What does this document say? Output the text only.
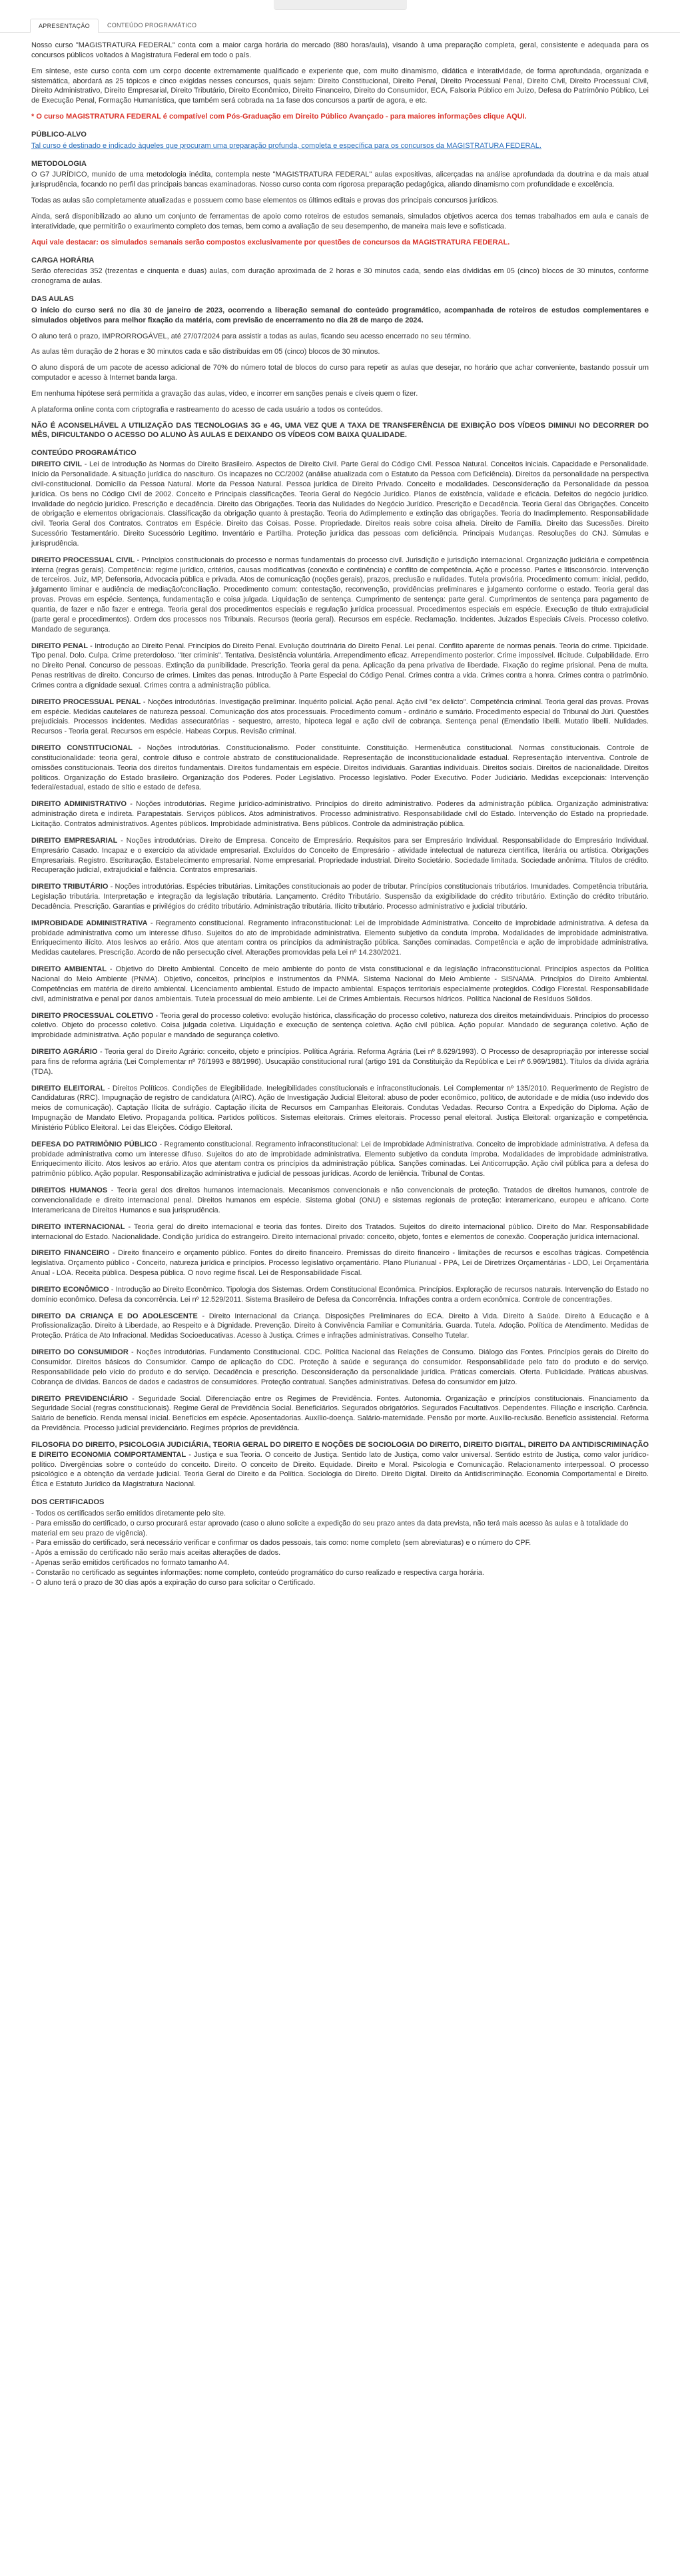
APRESENTAÇÃO	CONTEÚDO PROGRAMÁTICO

Nosso curso "MAGISTRATURA FEDERAL" conta com a maior carga horária do mercado (880 horas/aula), visando à uma preparação completa, geral, consistente e adequada para os concursos públicos voltados à Magistratura Federal em todo o país.

Em síntese, este curso conta com um corpo docente extremamente qualificado e experiente que, com muito dinamismo, didática e interatividade, de forma aprofundada, organizada e sistemática, abordará as 25 tópicos e cinco exigidas nesses concursos, quais sejam: Direito Constitucional, Direito Penal, Direito Processual Penal, Direito Civil, Direito Processual Civil, Direito Administrativo, Direito Empresarial, Direito Tributário, Direito Econômico, Direito Financeiro, Direito do Consumidor, ECA, Falsoria Público em Juízo, Defesa do Patrimônio Público, Lei de Execução Penal, Formação Humanística, que também será cobrada na 1a fase dos concursos a partir de agora, e etc.

* O curso MAGISTRATURA FEDERAL é compatível com Pós-Graduação em Direito Público Avançado - para maiores informações clique AQUI.

PÚBLICO-ALVO

Tal curso é destinado e indicado àqueles que procuram uma preparação profunda, completa e específica para os concursos da MAGISTRATURA FEDERAL.

METODOLOGIA

O G7 JURÍDICO, munido de uma metodologia inédita, contempla neste "MAGISTRATURA FEDERAL" aulas expositivas, alicerçadas na análise aprofundada da doutrina e da mais atual jurisprudência, focando no perfil das principais bancas examinadoras. Nosso curso conta com rigorosa preparação pedagógica, aliando dinamismo com profundidade e excelência.

Todas as aulas são completamente atualizadas e possuem como base elementos os últimos editais e provas dos principais concursos jurídicos.

Ainda, será disponibilizado ao aluno um conjunto de ferramentas de apoio como roteiros de estudos semanais, simulados objetivos acerca dos temas trabalhados em aula e canais de interatividade, que permitirão o exaurimento completo dos temas, bem como a avaliação de seu desempenho, de maneira mais leve e sofisticada.

Aqui vale destacar: os simulados semanais serão compostos exclusivamente por questões de concursos da MAGISTRATURA FEDERAL.

CARGA HORÁRIA

Serão oferecidas 352 (trezentas e cinquenta e duas) aulas, com duração aproximada de 2 horas e 30 minutos cada, sendo elas divididas em 05 (cinco) blocos de 30 minutos, conforme cronograma de aulas.

DAS AULAS

O início do curso será no dia 30 de janeiro de 2023, ocorrendo a liberação semanal do conteúdo programático, acompanhada de roteiros de estudos complementares e simulados objetivos para melhor fixação da matéria, com previsão de encerramento no dia 28 de março de 2024.

O aluno terá o prazo, IMPRORROGÁVEL, até 27/07/2024 para assistir a todas as aulas, ficando seu acesso encerrado no seu término.

As aulas têm duração de 2 horas e 30 minutos cada e são distribuídas em 05 (cinco) blocos de 30 minutos.

O aluno disporá de um pacote de acesso adicional de 70% do número total de blocos do curso para repetir as aulas que desejar, no horário que achar conveniente, bastando possuir um computador e acesso à Internet banda larga.

Em nenhuma hipótese será permitida a gravação das aulas, vídeo, e incorrer em sanções penais e cíveis quem o fizer.

A plataforma online conta com criptografia e rastreamento do acesso de cada usuário a todos os conteúdos.

NÃO É ACONSELHÁVEL A UTILIZAÇÃO DAS TECNOLOGIAS 3G e 4G, UMA VEZ QUE A TAXA DE TRANSFERÊNCIA DE EXIBIÇÃO DOS VÍDEOS DIMINUI NO DECORRER DO MÊS, DIFICULTANDO O ACESSO DO ALUNO ÀS AULAS E DEIXANDO OS VÍDEOS COM BAIXA QUALIDADE.

CONTEÚDO PROGRAMÁTICO

DIREITO CIVIL - Lei de Introdução às Normas do Direito Brasileiro. Aspectos de Direito Civil. Parte Geral do Código Civil. Pessoa Natural. Conceitos iniciais. Capacidade e Personalidade. Início da Personalidade. A situação jurídica do nascituro. Os incapazes no CC/2002 (análise atualizada com o Estatuto da Pessoa com Deficiência). Direitos da personalidade na perspectiva civil-constitucional. Domicílio da Pessoa Natural. Morte da Pessoa Natural. Pessoa jurídica de Direito Privado. Conceito e modalidades. Desconsideração da Personalidade da pessoa jurídica. Os bens no Código Civil de 2002. Conceito e Principais classificações. Teoria Geral do Negócio Jurídico. Planos de existência, validade e eficácia. Defeitos do negócio jurídico. Invalidade do negócio jurídico. Prescrição e decadência. Direito das Obrigações. Teoria das Nulidades do Negócio Jurídico. Prescrição e Decadência. Teoria Geral das Obrigações. Conceito de obrigação e elementos obrigacionais. Classificação da obrigação quanto à prestação. Teoria do Adimplemento e extinção das obrigações. Teoria do Inadimplemento. Responsabilidade civil. Teoria Geral dos Contratos. Contratos em Espécie. Direito das Coisas. Posse. Propriedade. Direitos reais sobre coisa alheia. Direito de Família. Direito das Sucessões. Direito Sucessório Testamentário. Direito Sucessório Legítimo. Inventário e Partilha. Proteção jurídica das pessoas com deficiência. Principais Mudanças. Resoluções do CNJ. Súmulas e jurisprudência.

DIREITO PROCESSUAL CIVIL - Princípios constitucionais do processo e normas fundamentais do processo civil. Jurisdição e jurisdição internacional. Organização judiciária e competência interna (regras gerais). Competência: regime jurídico, critérios, causas modificativas (conexão e continência) e conflito de competência. Ação e processo. Partes e litisconsórcio. Intervenção de terceiros. Juiz, MP, Defensoria, Advocacia pública e privada. Atos de comunicação (noções gerais), prazos, preclusão e nulidades. Tutela provisória. Procedimento comum: inicial, pedido, julgamento liminar e audiência de mediação/conciliação. Procedimento comum: contestação, reconvenção, providências preliminares e julgamento conforme o estado. Teoria geral das provas. Provas em espécie. Sentença, fundamentação e coisa julgada. Liquidação de sentença. Cumprimento de sentença: parte geral. Cumprimentos de sentença para pagamento de quantia, de fazer e não fazer e entrega. Teoria geral dos procedimentos especiais e regulação jurídica processual. Procedimentos especiais em espécie. Execução de título extrajudicial (parte geral e procedimentos). Ordem dos processos nos Tribunais. Recursos (teoria geral). Recursos em espécie. Reclamação. Incidentes. Juizados Especiais Cíveis. Processo coletivo. Mandado de segurança.

DIREITO PENAL - Introdução ao Direito Penal. Princípios do Direito Penal. Evolução doutrinária do Direito Penal. Lei penal. Conflito aparente de normas penais. Teoria do crime. Tipicidade. Tipo penal. Dolo. Culpa. Crime preterdoloso. "Iter criminis". Tentativa. Desistência voluntária. Arrependimento eficaz. Arrependimento posterior. Crime impossível. Ilicitude. Culpabilidade. Erro no Direito Penal. Concurso de pessoas. Extinção da punibilidade. Prescrição. Teoria geral da pena. Aplicação da pena privativa de liberdade. Fixação do regime prisional. Pena de multa. Penas restritivas de direito. Concurso de crimes. Limites das penas. Introdução à Parte Especial do Código Penal. Crimes contra a vida. Crimes contra a honra. Crimes contra o patrimônio. Crimes contra a dignidade sexual. Crimes contra a administração pública.

DIREITO PROCESSUAL PENAL - Noções introdutórias. Investigação preliminar. Inquérito policial. Ação penal. Ação civil "ex delicto". Competência criminal. Teoria geral das provas. Provas em espécie. Medidas cautelares de natureza pessoal. Comunicação dos atos processuais. Procedimento comum - ordinário e sumário. Procedimento especial do Tribunal do Júri. Questões prejudiciais. Processos incidentes. Medidas assecuratórias - sequestro, arresto, hipoteca legal e ação civil de cobrança. Sentença penal (Emendatio libelli. Mutatio libelli. Nulidades. Recursos - Teoria geral. Recursos em espécie. Habeas Corpus. Revisão criminal.

DIREITO CONSTITUCIONAL - Noções introdutórias. Constitucionalismo. Poder constituinte. Constituição. Hermenêutica constitucional. Normas constitucionais. Controle de constitucionalidade: teoria geral, controle difuso e controle abstrato de constitucionalidade. Representação de inconstitucionalidade estadual. Representação interventiva. Controle de omissões constitucionais. Teoria dos direitos fundamentais. Direitos fundamentais em espécie. Direitos individuais. Garantias individuais. Direitos sociais. Direitos de nacionalidade. Direitos políticos. Organização do Estado brasileiro. Organização dos Poderes. Poder Legislativo. Processo legislativo. Poder Executivo. Poder Judiciário. Medidas excepcionais: Intervenção federal/estadual, estado de sítio e estado de defesa.

DIREITO ADMINISTRATIVO - Noções introdutórias. Regime jurídico-administrativo. Princípios do direito administrativo. Poderes da administração pública. Organização administrativa: administração direta e indireta. Parapestatais. Serviços públicos. Atos administrativos. Processo administrativo. Responsabilidade civil do Estado. Intervenção do Estado na propriedade. Licitação. Contratos administrativos. Agentes públicos. Improbidade administrativa. Bens públicos. Controle da administração pública.

DIREITO EMPRESARIAL - Noções introdutórias. Direito de Empresa. Conceito de Empresário. Requisitos para ser Empresário Individual. Responsabilidade do Empresário Individual. Empresário Casado. Incapaz e o exercício da atividade empresarial. Excluídos do Conceito de Empresário - atividade intelectual de natureza científica, literária ou artística. Obrigações Empresariais. Registro. Escrituração. Estabelecimento empresarial. Nome empresarial. Propriedade industrial. Direito Societário. Sociedade limitada. Sociedade anônima. Títulos de crédito. Recuperação judicial, extrajudicial e falência. Contratos empresariais.

DIREITO TRIBUTÁRIO - Noções introdutórias. Espécies tributárias. Limitações constitucionais ao poder de tributar. Princípios constitucionais tributários. Imunidades. Competência tributária. Legislação tributária. Interpretação e integração da legislação tributária. Lançamento. Crédito Tributário. Suspensão da exigibilidade do crédito tributário. Extinção do crédito tributário. Decadência. Prescrição. Garantias e privilégios do crédito tributário. Administração tributária. Ilícito tributário. Processo administrativo e judicial tributário.

IMPROBIDADE ADMINISTRATIVA - Regramento constitucional. Regramento infraconstitucional: Lei de Improbidade Administrativa. Conceito de improbidade administrativa. A defesa da probidade administrativa como um interesse difuso. Sujeitos do ato de improbidade administrativa. Elemento subjetivo da conduta ímproba. Modalidades de improbidade administrativa. Enriquecimento ilícito. Atos lesivos ao erário. Atos que atentam contra os princípios da administração pública. Sanções cominadas. Competência e ação de improbidade administrativa. Medidas cautelares. Prescrição. Acordo de não persecução cível. Alterações promovidas pela Lei nº 14.230/2021.

DIREITO AMBIENTAL - Objetivo do Direito Ambiental. Conceito de meio ambiente do ponto de vista constitucional e da legislação infraconstitucional. Princípios aspectos da Política Nacional do Meio Ambiente (PNMA). Objetivo, conceitos, princípios e instrumentos da PNMA. Sistema Nacional do Meio Ambiente - SISNAMA. Princípios do Direito Ambiental. Competências em matéria de direito ambiental. Licenciamento ambiental. Estudo de impacto ambiental. Espaços territoriais especialmente protegidos. Código Florestal. Responsabilidade civil, administrativa e penal por danos ambientais. Tutela processual do meio ambiente. Lei de Crimes Ambientais. Recursos hídricos. Política Nacional de Resíduos Sólidos.

DIREITO PROCESSUAL COLETIVO - Teoria geral do processo coletivo: evolução histórica, classificação do processo coletivo, natureza dos direitos metaindividuais. Princípios do processo coletivo. Objeto do processo coletivo. Coisa julgada coletiva. Liquidação e execução de sentença coletiva. Ação civil pública. Ação popular. Mandado de segurança coletivo. Ação de improbidade administrativa. Ação popular e mandado de segurança coletivo.

DIREITO AGRÁRIO - Teoria geral do Direito Agrário: conceito, objeto e princípios. Política Agrária. Reforma Agrária (Lei nº 8.629/1993). O Processo de desapropriação por interesse social para fins de reforma agrária (Lei Complementar nº 76/1993 e 88/1996). Usucapião constitucional rural (artigo 191 da Constituição da República e Lei nº 6.969/1981). Títulos da dívida agrária (TDA).

DIREITO ELEITORAL - Direitos Políticos. Condições de Elegibilidade. Inelegibilidades constitucionais e infraconstitucionais. Lei Complementar nº 135/2010. Requerimento de Registro de Candidaturas (RRC). Impugnação de registro de candidatura (AIRC). Ação de Investigação Judicial Eleitoral: abuso de poder econômico, político, de autoridade e de mídia (uso indevido dos meios de comunicação). Captação Ilícita de sufrágio. Captação ilícita de Recursos em Campanhas Eleitorais. Condutas Vedadas. Recurso Contra a Expedição do Diploma. Ação de Impugnação de Mandato Eletivo. Propaganda política. Partidos políticos. Sistemas eleitorais. Crimes eleitorais. Processo penal eleitoral. Justiça Eleitoral: organização e competência. Ministério Público Eleitoral. Lei das Eleições. Código Eleitoral.

DEFESA DO PATRIMÔNIO PÚBLICO - Regramento constitucional. Regramento infraconstitucional: Lei de Improbidade Administrativa. Conceito de improbidade administrativa. A defesa da probidade administrativa como um interesse difuso. Sujeitos do ato de improbidade administrativa. Elemento subjetivo da conduta ímproba. Modalidades de improbidade administrativa. Enriquecimento ilícito. Atos lesivos ao erário. Atos que atentam contra os princípios da administração pública. Sanções cominadas. Lei Anticorrupção. Ação civil pública para a defesa do patrimônio público. Ação popular. Responsabilização administrativa e judicial de pessoas jurídicas. Acordo de leniência. Tribunal de Contas.

DIREITOS HUMANOS - Teoria geral dos direitos humanos internacionais. Mecanismos convencionais e não convencionais de proteção. Tratados de direitos humanos, controle de convencionalidade e direito internacional penal. Direitos humanos em espécie. Sistema global (ONU) e sistemas regionais de proteção: interamericano, europeu e africano. Corte Interamericana de Direitos Humanos e sua jurisprudência.

DIREITO INTERNACIONAL - Teoria geral do direito internacional e teoria das fontes. Direito dos Tratados. Sujeitos do direito internacional público. Direito do Mar. Responsabilidade internacional do Estado. Nacionalidade. Condição jurídica do estrangeiro. Direito internacional privado: conceito, objeto, fontes e elementos de conexão. Cooperação jurídica internacional.

DIREITO FINANCEIRO - Direito financeiro e orçamento público. Fontes do direito financeiro. Premissas do direito financeiro - limitações de recursos e escolhas trágicas. Competência legislativa. Orçamento público - Conceito, natureza jurídica e princípios. Processo legislativo orçamentário. Plano Plurianual - PPA, Lei de Diretrizes Orçamentárias - LDO, Lei Orçamentária Anual - LOA. Receita pública. Despesa pública. O novo regime fiscal. Lei de Responsabilidade Fiscal.

DIREITO ECONÔMICO - Introdução ao Direito Econômico. Tipologia dos Sistemas. Ordem Constitucional Econômica. Princípios. Exploração de recursos naturais. Intervenção do Estado no domínio econômico. Defesa da concorrência. Lei nº 12.529/2011. Sistema Brasileiro de Defesa da Concorrência. Infrações contra a ordem econômica. Controle de concentrações.

DIREITO DA CRIANÇA E DO ADOLESCENTE - Direito Internacional da Criança. Disposições Preliminares do ECA. Direito à Vida. Direito à Saúde. Direito à Educação e à Profissionalização. Direito à Liberdade, ao Respeito e à Dignidade. Prevenção. Direito à Convivência Familiar e Comunitária. Guarda. Tutela. Adoção. Política de Atendimento. Medidas de Proteção. Prática de Ato Infracional. Medidas Socioeducativas. Acesso à Justiça. Crimes e infrações administrativas. Conselho Tutelar.

DIREITO DO CONSUMIDOR - Noções introdutórias. Fundamento Constitucional. CDC. Política Nacional das Relações de Consumo. Diálogo das Fontes. Princípios gerais do Direito do Consumidor. Direitos básicos do Consumidor. Campo de aplicação do CDC. Proteção à saúde e segurança do consumidor. Responsabilidade pelo fato do produto e do serviço. Responsabilidade pelo vício do produto e do serviço. Decadência e prescrição. Desconsideração da personalidade jurídica. Práticas comerciais. Oferta. Publicidade. Práticas abusivas. Cobrança de dívidas. Bancos de dados e cadastros de consumidores. Proteção contratual. Sanções administrativas. Defesa do consumidor em juízo.

DIREITO PREVIDENCIÁRIO - Seguridade Social. Diferenciação entre os Regimes de Previdência. Fontes. Autonomia. Organização e princípios constitucionais. Financiamento da Seguridade Social (regras constitucionais). Regime Geral de Previdência Social. Beneficiários. Segurados obrigatórios. Segurados Facultativos. Dependentes. Filiação e inscrição. Carência. Salário de benefício. Renda mensal inicial. Benefícios em espécie. Aposentadorias. Auxílio-doença. Salário-maternidade. Pensão por morte. Auxílio-reclusão. Benefício assistencial. Reforma da Previdência. Processo judicial previdenciário. Regimes próprios de previdência.

FILOSOFIA DO DIREITO, PSICOLOGIA JUDICIÁRIA, TEORIA GERAL DO DIREITO E NOÇÕES DE SOCIOLOGIA DO DIREITO, DIREITO DIGITAL, DIREITO DA ANTIDISCRIMINAÇÃO E DIREITO ECONOMIA COMPORTAMENTAL - Justiça e sua Teoria. O conceito de Justiça. Sentido lato de Justiça, como valor universal. Sentido estrito de Justiça, como valor jurídico-político. Divergências sobre o conteúdo do conceito. Direito. O conceito de Direito. Equidade. Direito e Moral. Psicologia e Comunicação. Relacionamento interpessoal. O processo psicológico e a obtenção da verdade judicial. Teoria Geral do Direito e da Política. Sociologia do Direito. Direito Digital. Direito da Antidiscriminação. Economia Comportamental e Direito. Ética e Estatuto Jurídico da Magistratura Nacional.

DOS CERTIFICADOS
- Todos os certificados serão emitidos diretamente pelo site.
- Para emissão do certificado, o curso procurará estar aprovado (caso o aluno solicite a expedição do seu prazo antes da data prevista, não terá mais acesso às aulas e à totalidade do material em seu prazo de vigência).
- Para emissão do certificado, será necessário verificar e confirmar os dados pessoais, tais como: nome completo (sem abreviaturas) e o número do CPF.
- Após a emissão do certificado não serão mais aceitas alterações de dados.
- Apenas serão emitidos certificados no formato tamanho A4.
- Constarão no certificado as seguintes informações: nome completo, conteúdo programático do curso realizado e respectiva carga horária.
- O aluno terá o prazo de 30 dias após a expiração do curso para solicitar o Certificado.
